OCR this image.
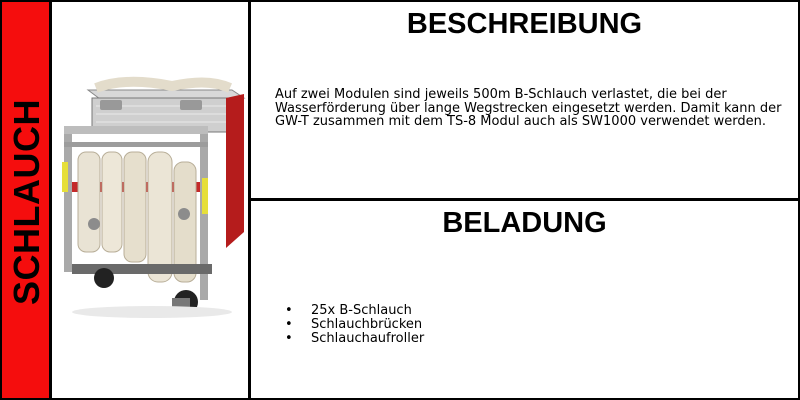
SCHLAUCH
BESCHREIBUNG

Auf zwei Modulen sind jeweils 500m B-Schlauch verlastet, die bei der Wasserförderung über lange Wegstrecken eingesetzt werden. Damit kann der GW-T zusammen mit dem TS-8 Modul auch als SW1000 verwendet werden.

BELADUNG
• 25x B-Schlauch
• Schlauchbrücken
• Schlauchaufroller
